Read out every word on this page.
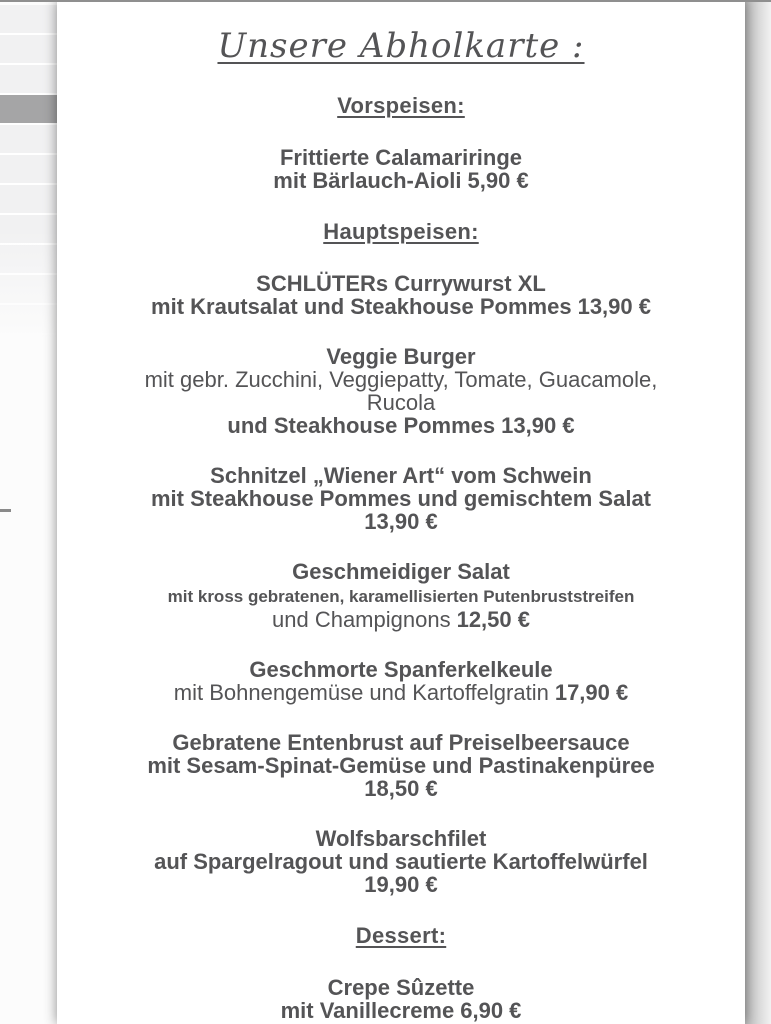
Unsere Abholkarte :
Vorspeisen:
Frittierte Calamariringe
mit Bärlauch-Aioli 5,90 €
Hauptspeisen:
SCHLÜTERs Currywurst XL
mit Krautsalat und Steakhouse Pommes 13,90 €
Veggie Burger
mit gebr. Zucchini, Veggiepatty, Tomate, Guacamole,
Rucola
und Steakhouse Pommes 13,90 €
Schnitzel „Wiener Art“ vom Schwein
mit Steakhouse Pommes und gemischtem Salat
13,90 €
Geschmeidiger Salat
mit kross gebratenen, karamellisierten Putenbruststreifen
und Champignons 12,50 €
Geschmorte Spanferkelkeule
mit Bohnengemüse und Kartoffelgratin 17,90 €
Gebratene Entenbrust auf Preiselbeersauce
mit Sesam-Spinat-Gemüse und Pastinakenpüree
18,50 €
Wolfsbarschfilet
auf Spargelragout und sautierte Kartoffelwürfel
19,90 €
Dessert:
Crepe Sûzette
mit Vanillecreme 6,90 €
